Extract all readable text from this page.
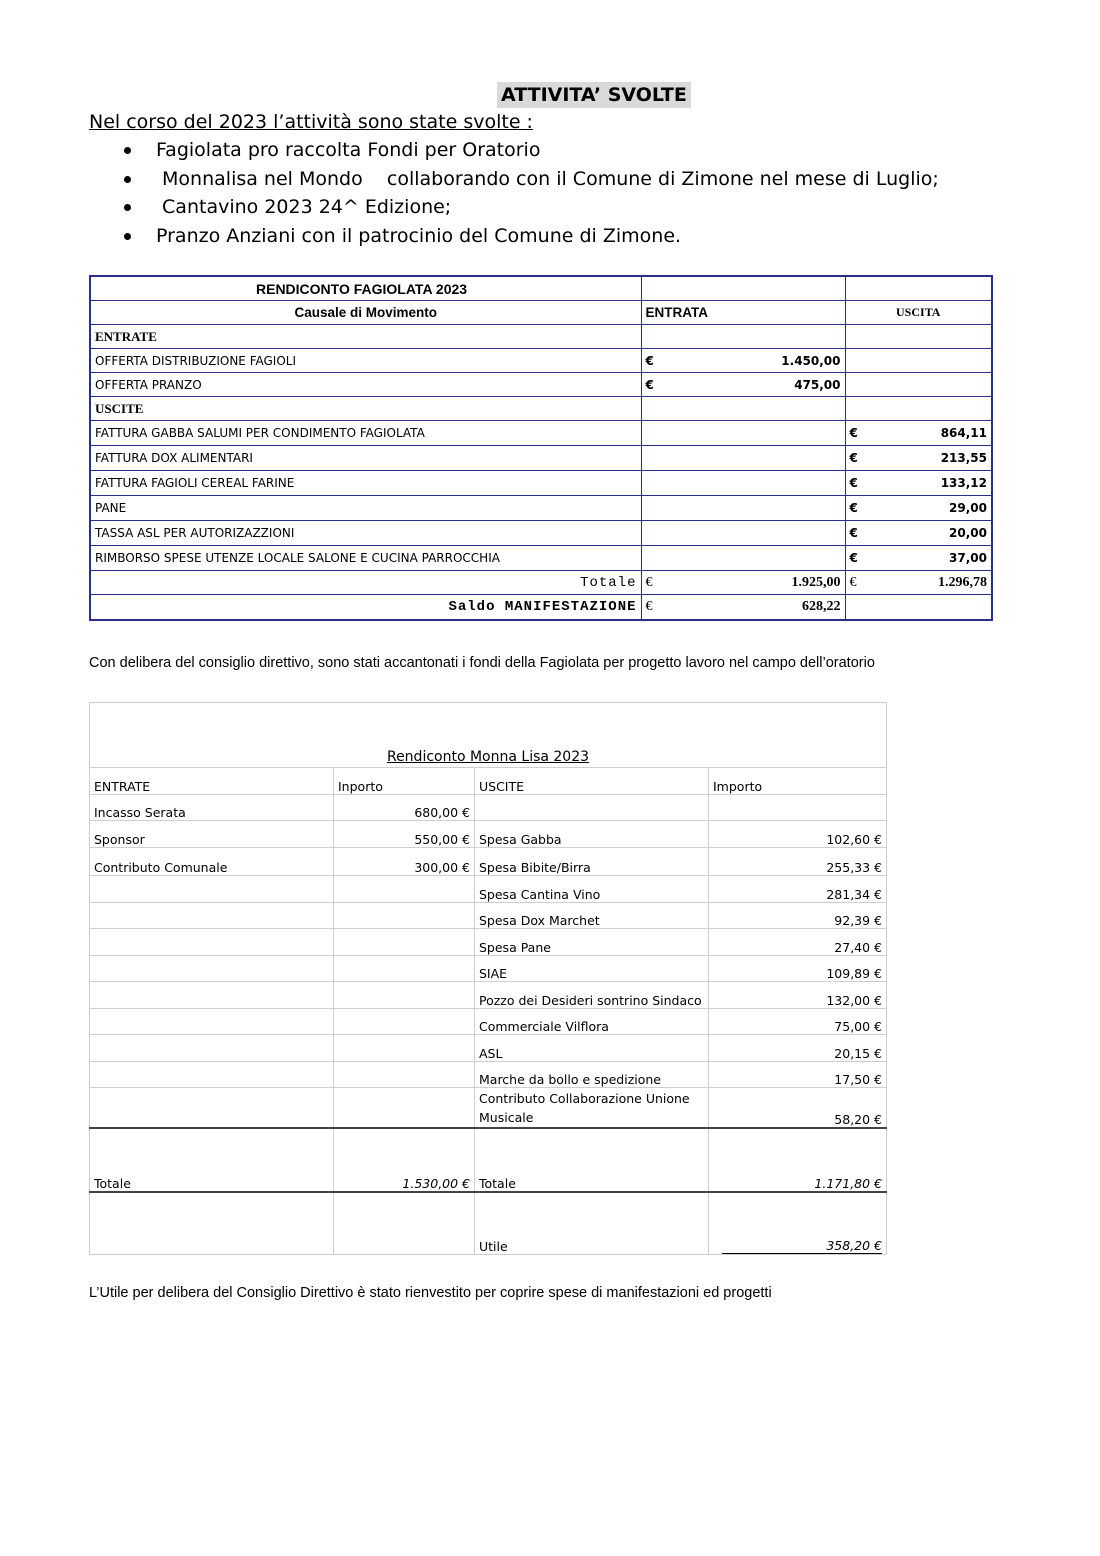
ATTIVITA’ SVOLTE
Nel corso del 2023 l’attività sono state svolte :
Fagiolata pro raccolta Fondi per Oratorio
Monnalisa nel Mondo    collaborando con il Comune di Zimone nel mese di Luglio;
Cantavino 2023 24^ Edizione;
Pranzo Anziani con il patrocinio del Comune di Zimone.
RENDICONTO FAGIOLATA 2023		
Causale di Movimento	ENTRATA	USCITA
ENTRATE		
OFFERTA DISTRIBUZIONE FAGIOLI	€ 1.450,00	

OFFERTA PRANZO	€ 475,00	

USCITE		
FATTURA GABBA SALUMI PER CONDIMENTO FAGIOLATA		€ 864,11

FATTURA DOX ALIMENTARI		€ 213,55

FATTURA FAGIOLI CEREAL FARINE		€ 133,12

PANE		€ 29,00

TASSA ASL PER AUTORIZAZZIONI		€ 20,00

RIMBORSO SPESE UTENZE LOCALE SALONE E CUCINA PARROCCHIA		€ 37,00

Totale	€ 1.925,00	€ 1.296,78

Saldo MANIFESTAZIONE	€ 628,22	

Con delibera del consiglio direttivo, sono stati accantonati i fondi della Fagiolata per progetto lavoro nel campo dell’oratorio
Rendiconto Monna Lisa 2023			
ENTRATE	Inporto	USCITE	Importo
Incasso Serata	680,00 €		
Sponsor	550,00 €	Spesa Gabba	102,60 €
Contributo Comunale	300,00 €	Spesa Bibite/Birra	255,33 €
		Spesa Cantina Vino	281,34 €
		Spesa Dox Marchet	92,39 €
		Spesa Pane	27,40 €
		SIAE	109,89 €
		Pozzo dei Desideri sontrino Sindaco	132,00 €
		Commerciale Vilflora	75,00 €
		ASL	20,15 €
		Marche da bollo e spedizione	17,50 €
		Contributo Collaborazione Unione Musicale	58,20 €
Totale	1.530,00 €	Totale	1.171,80 €
		Utile	358,20 €
L’Utile per delibera del Consiglio Direttivo è stato rienvestito per coprire spese di manifestazioni ed progetti
